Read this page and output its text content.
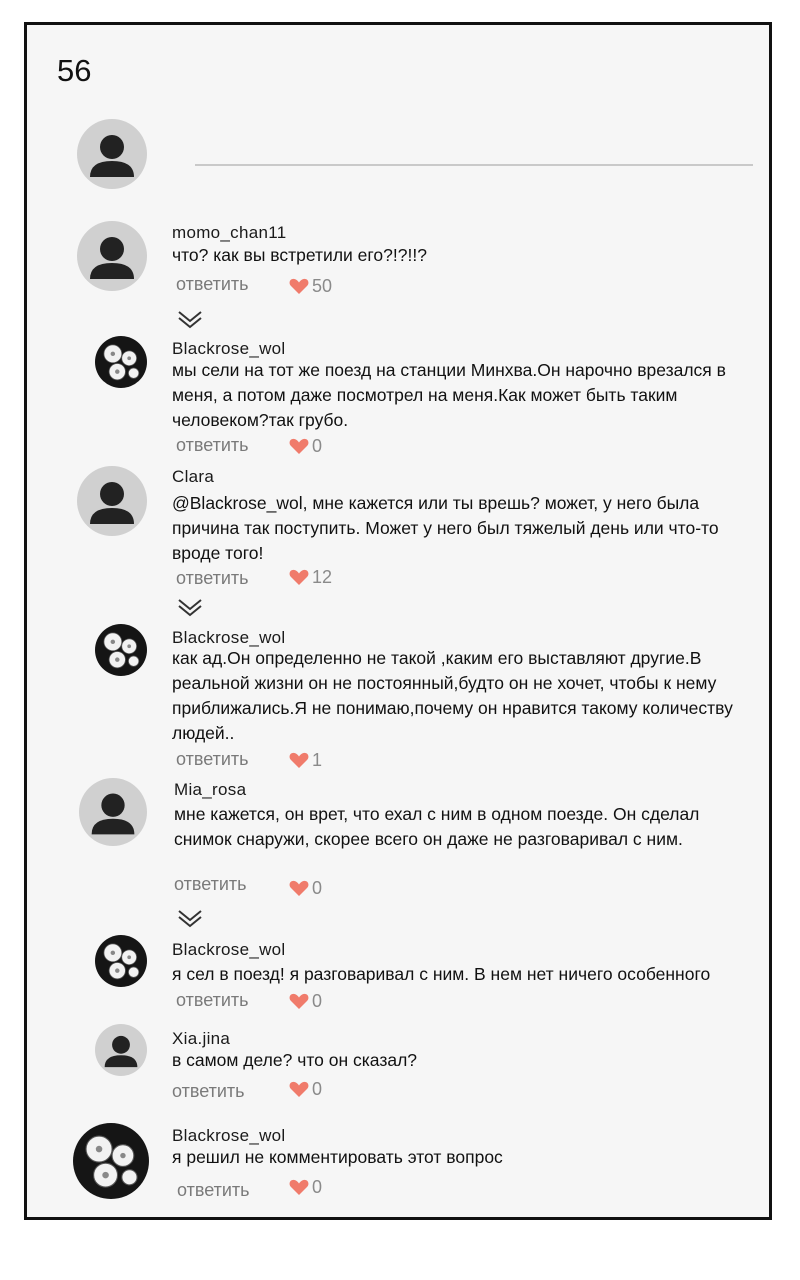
56
momo_chan11
что? как вы встретили его?!?!!?
ответить	50
Blackrose_wol
мы сели на тот же поезд на станции Минхва.Он нарочно врезался в меня, а потом даже посмотрел на меня.Как может быть таким человеком?так грубо.
ответить	0
Clara
@Blackrose_wol, мне кажется или ты врешь? может, у него была причина так поступить. Может у него был тяжелый день или что-то вроде того!
ответить	12
Blackrose_wol
как ад.Он определенно не такой ,каким его выставляют другие.В реальной жизни он не постоянный,будто он не хочет, чтобы к нему приближались.Я не понимаю,почему он нравится такому количеству людей..
ответить	1
Mia_rosa
мне кажется, он врет, что ехал с ним в одном поезде. Он сделал снимок снаружи, скорее всего он даже не разговаривал с ним.
ответить	0
Blackrose_wol
я сел в поезд! я разговаривал с ним. В нем нет ничего особенного
ответить	0
Xia.jina
в самом деле? что он сказал?
ответить	0
Blackrose_wol
я решил не комментировать этот вопрос
ответить	0
